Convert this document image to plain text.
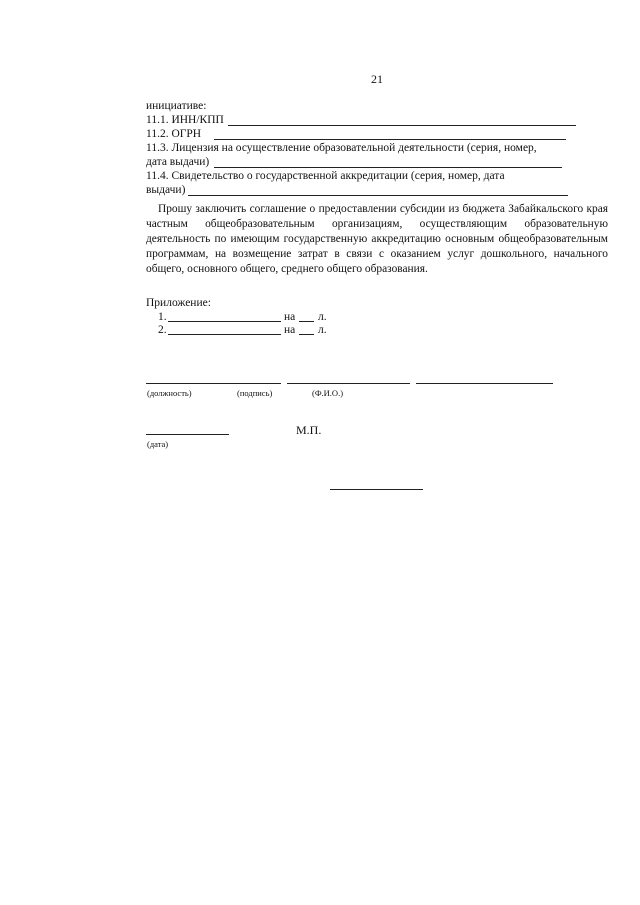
21
инициативе:
11.1. ИНН/КПП
11.2. ОГРН
11.3. Лицензия на осуществление образовательной деятельности (серия, номер,
дата выдачи)
11.4. Свидетельство о государственной аккредитации (серия, номер, дата
выдачи)
Прошу заключить соглашение о предоставлении субсидии из бюджета Забайкальского края частным общеобразовательным организациям, осуществляющим образовательную деятельность по имеющим государственную аккредитацию основным общеобразовательным программам, на возмещение затрат в связи с оказанием услуг дошкольного, начального общего, основного общего, среднего общего образования.
Приложение:
1.	на л.
2.	на л.
(должность)	(подпись)	(Ф.И.О.)
М.П.
(дата)
